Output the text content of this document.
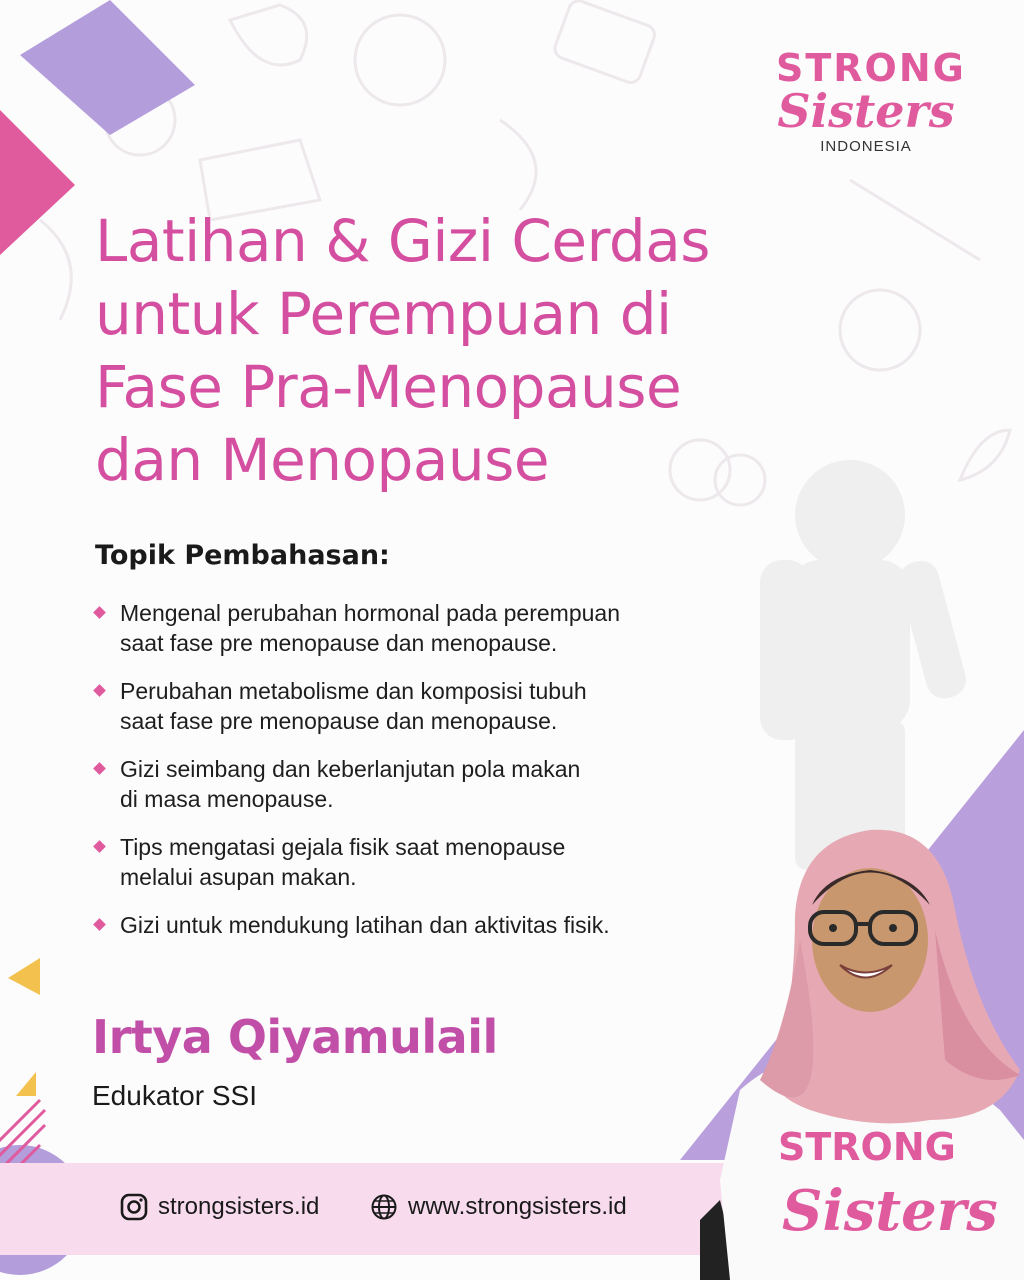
STRONG
Sisters
INDONESIA
Latihan & Gizi Cerdas
untuk Perempuan di
Fase Pra-Menopause
dan Menopause
Topik Pembahasan:
Mengenal perubahan hormonal pada perempuan
saat fase pre menopause dan menopause.
Perubahan metabolisme dan komposisi tubuh
saat fase pre menopause dan menopause.
Gizi seimbang dan keberlanjutan pola makan
di masa menopause.
Tips mengatasi gejala fisik saat menopause
melalui asupan makan.
Gizi untuk mendukung latihan dan aktivitas fisik.
Irtya Qiyamulail
Edukator SSI
strongsisters.id	www.strongsisters.id
STRONG
Sisters
